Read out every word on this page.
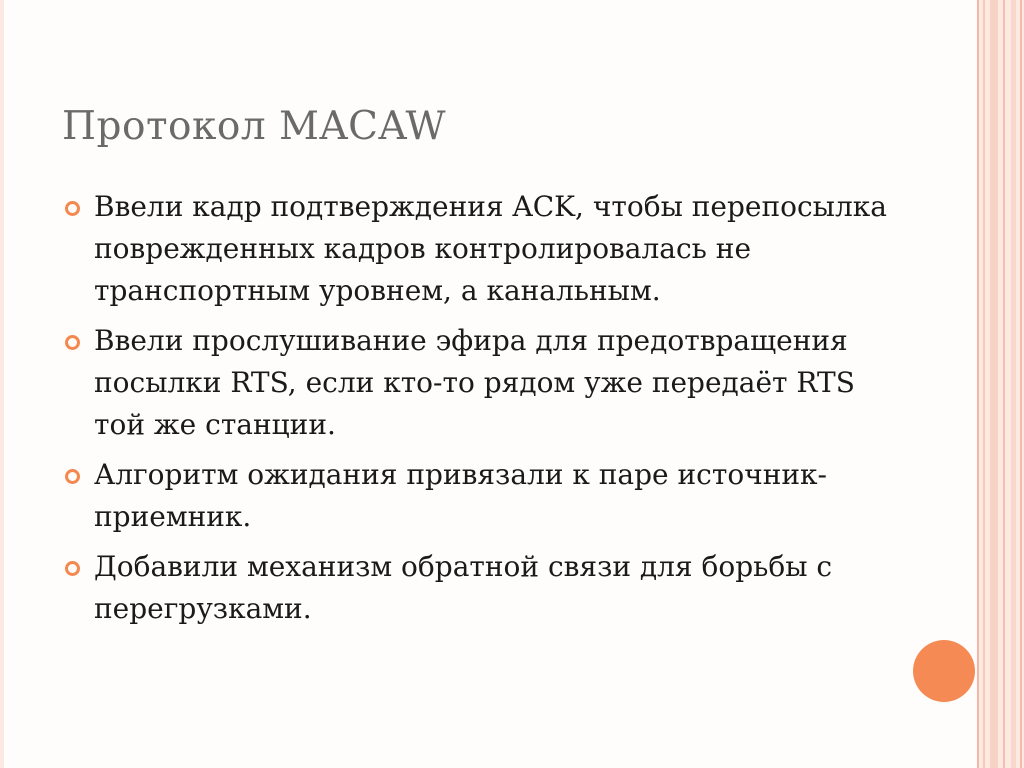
Протокол MACAW
Ввели кадр подтверждения ACK, чтобы перепосылка поврежденных кадров контролировалась не транспортным уровнем, а канальным.
Ввели прослушивание эфира для предотвращения посылки RTS, если кто-то рядом уже передаёт RTS той же станции.
Алгоритм ожидания привязали к паре источник-приемник.
Добавили механизм обратной связи для борьбы с перегрузками.
